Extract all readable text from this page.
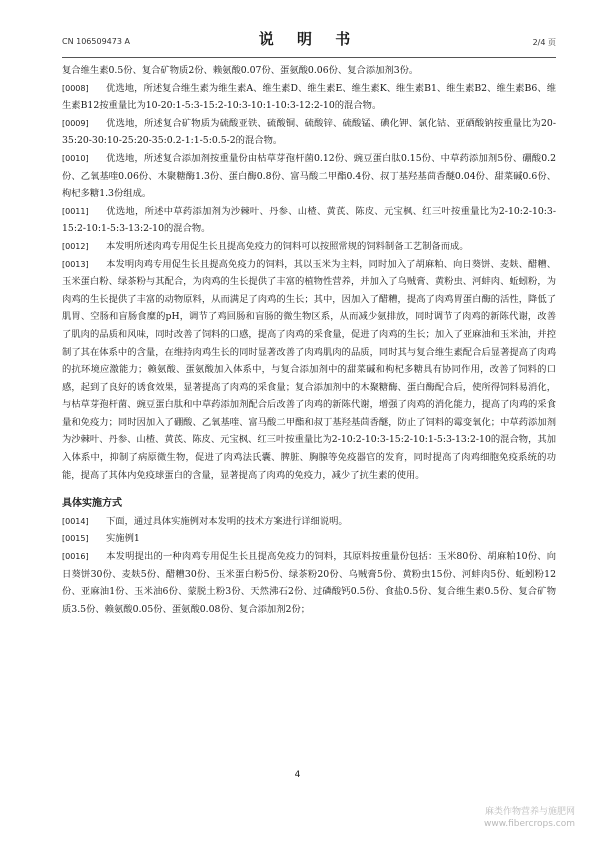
CN 106509473 A	说 明 书	2/4 页

复合维生素0.5份、复合矿物质2份、赖氨酸0.07份、蛋氨酸0.06份、复合添加剂3份。

[0008] 优选地，所述复合维生素为维生素A、维生素D、维生素E、维生素K、维生素B1、维生素B2、维生素B6、维生素B12按重量比为10-20:1-5:3-15:2-10:3-10:1-10:3-12:2-10的混合物。

[0009] 优选地，所述复合矿物质为硫酸亚铁、硫酸铜、硫酸锌、硫酸锰、碘化钾、氯化钴、亚硒酸钠按重量比为20-35:20-30:10-25:20-35:0.2-1:1-5:0.5-2的混合物。

[0010] 优选地，所述复合添加剂按重量份由枯草芽孢杆菌0.12份、豌豆蛋白肽0.15份、中草药添加剂5份、硼酸0.2份、乙氧基喹0.06份、木聚糖酶1.3份、蛋白酶0.8份、富马酸二甲酯0.4份、叔丁基羟基茴香醚0.04份、甜菜碱0.6份、枸杞多糖1.3份组成。

[0011] 优选地，所述中草药添加剂为沙棘叶、丹参、山楂、黄芪、陈皮、元宝枫、红三叶按重量比为2-10:2-10:3-15:2-10:1-5:3-13:2-10的混合物。

[0012] 本发明所述肉鸡专用促生长且提高免疫力的饲料可以按照常规的饲料制备工艺制备而成。

[0013] 本发明肉鸡专用促生长且提高免疫力的饲料，其以玉米为主料，同时加入了胡麻粕、向日葵饼、麦麸、醋糟、玉米蛋白粉、绿茶粉与其配合，为肉鸡的生长提供了丰富的植物性营养，并加入了乌贼膏、黄粉虫、河蚌肉、蚯蚓粉，为肉鸡的生长提供了丰富的动物原料，从而满足了肉鸡的生长；其中，因加入了醋糟，提高了肉鸡胃蛋白酶的活性，降低了肌胃、空肠和盲肠食糜的pH，调节了鸡回肠和盲肠的微生物区系，从而减少氨排放，同时调节了肉鸡的新陈代谢，改善了肌肉的品质和风味，同时改善了饲料的口感，提高了肉鸡的采食量，促进了肉鸡的生长；加入了亚麻油和玉米油，并控制了其在体系中的含量，在维持肉鸡生长的同时显著改善了肉鸡肌肉的品质，同时其与复合维生素配合后显著提高了肉鸡的抗环境应激能力；赖氨酸、蛋氨酸加入体系中，与复合添加剂中的甜菜碱和枸杞多糖具有协同作用，改善了饲料的口感，起到了良好的诱食效果，显著提高了肉鸡的采食量；复合添加剂中的木聚糖酶、蛋白酶配合后，使所得饲料易消化，与枯草芽孢杆菌、豌豆蛋白肽和中草药添加剂配合后改善了肉鸡的新陈代谢，增强了肉鸡的消化能力，提高了肉鸡的采食量和免疫力；同时因加入了硼酸、乙氧基喹、富马酸二甲酯和叔丁基羟基茴香醚，防止了饲料的霉变氧化；中草药添加剂为沙棘叶、丹参、山楂、黄芪、陈皮、元宝枫、红三叶按重量比为2-10:2-10:3-15:2-10:1-5:3-13:2-10的混合物，其加入体系中，抑制了病原微生物，促进了肉鸡法氏囊、脾脏、胸腺等免疫器官的发育，同时提高了肉鸡细胞免疫系统的功能，提高了其体内免疫球蛋白的含量，显著提高了肉鸡的免疫力，减少了抗生素的使用。

具体实施方式

[0014] 下面，通过具体实施例对本发明的技术方案进行详细说明。

[0015] 实施例1

[0016] 本发明提出的一种肉鸡专用促生长且提高免疫力的饲料，其原料按重量份包括：玉米80份、胡麻粕10份、向日葵饼30份、麦麸5份、醋糟30份、玉米蛋白粉5份、绿茶粉20份、乌贼膏5份、黄粉虫15份、河蚌肉5份、蚯蚓粉12份、亚麻油1份、玉米油6份、蒙脱土粉3份、天然沸石2份、过磷酸钙0.5份、食盐0.5份、复合维生素0.5份、复合矿物质3.5份、赖氨酸0.05份、蛋氨酸0.08份、复合添加剂2份；

4
麻类作物营养与施肥网
www.fibercrops.com
